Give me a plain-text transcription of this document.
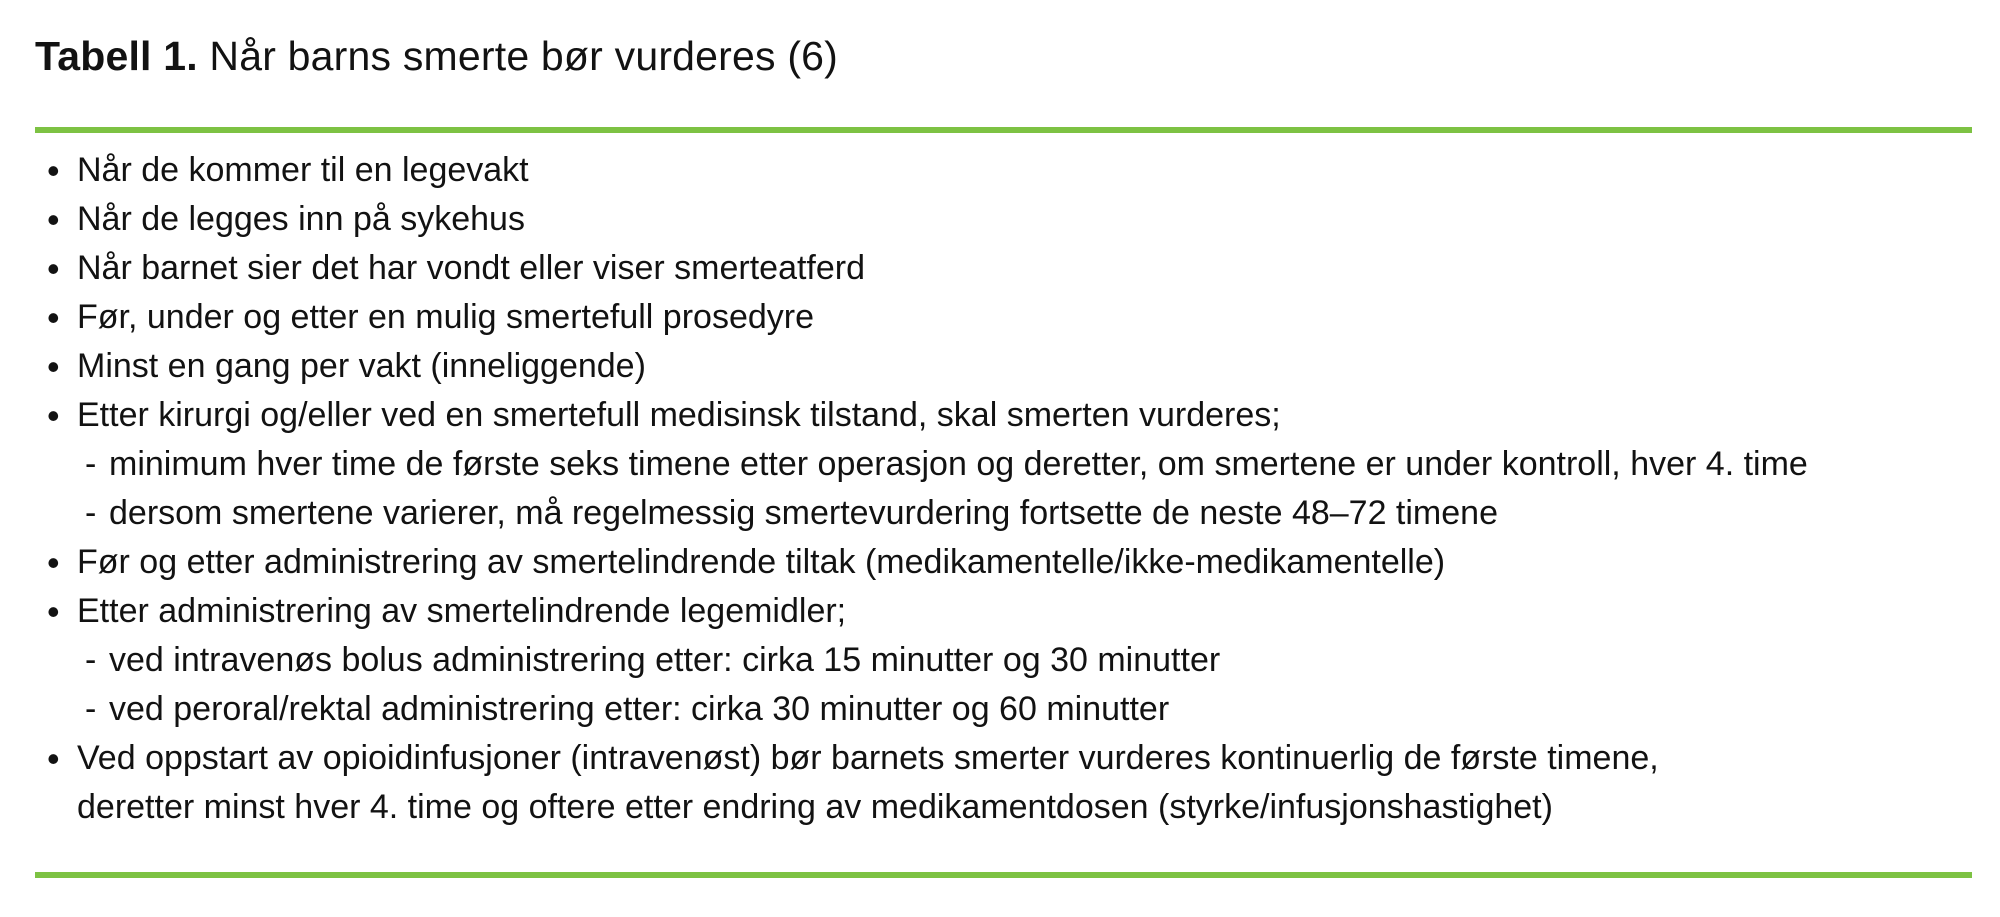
Tabell 1. Når barns smerte bør vurderes (6)
• Når de kommer til en legevakt
• Når de legges inn på sykehus
• Når barnet sier det har vondt eller viser smerteatferd
• Før, under og etter en mulig smertefull prosedyre
• Minst en gang per vakt (inneliggende)
• Etter kirurgi og/eller ved en smertefull medisinsk tilstand, skal smerten vurderes;
- minimum hver time de første seks timene etter operasjon og deretter, om smertene er under kontroll, hver 4. time
- dersom smertene varierer, må regelmessig smertevurdering fortsette de neste 48–72 timene
• Før og etter administrering av smertelindrende tiltak (medikamentelle/ikke-medikamentelle)
• Etter administrering av smertelindrende legemidler;
- ved intravenøs bolus administrering etter: cirka 15 minutter og 30 minutter
- ved peroral/rektal administrering etter: cirka 30 minutter og 60 minutter
• Ved oppstart av opioidinfusjoner (intravenøst) bør barnets smerter vurderes kontinuerlig de første timene,
deretter minst hver 4. time og oftere etter endring av medikamentdosen (styrke/infusjonshastighet)
